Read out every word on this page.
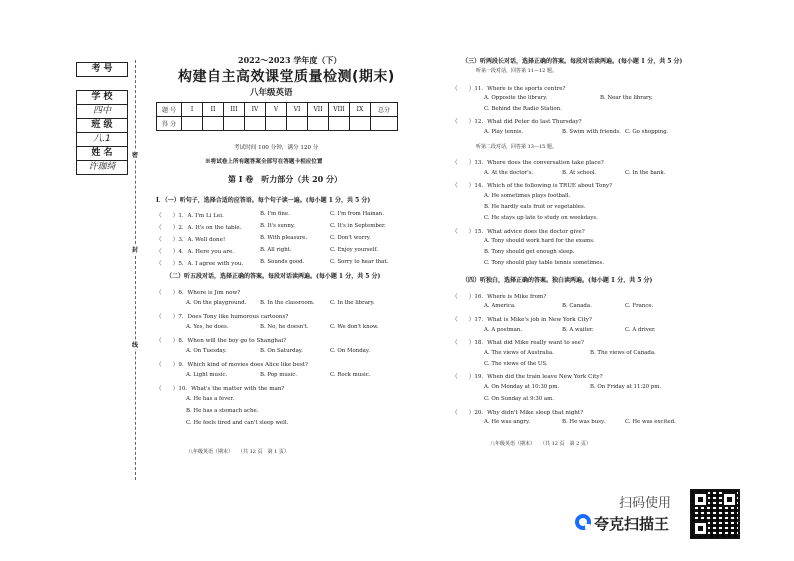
考 号
学 校
四中
班 级
八.1
姓 名
许珈绮
密
封
线
2022～2023 学年度（下）
构建自主高效课堂质量检测(期末)
八年级英语
题 号	I	II	III	IV	V	VI	VII	VIII	IX	总分
得 分										
考试时间 100 分钟，满分 120 分
※将试卷上所有题答案全部写在答题卡相应位置
第 I 卷　听力部分（共 20 分）
I．（一）听句子，选择合适的应答语。每个句子读一遍。(每小题 1 分，共 5 分)
（　　）1．A. I'm Li Lei.	B. I'm fine.	C. I'm from Hainan.
（　　）2．A. It's on the table.	B. It's sunny.	C. It's in September.
（　　）3．A. Well done!	B. With pleasure.	C. Don't worry.
（　　）4．A. Here you are.	B. All right.	C. Enjoy yourself.
（　　）5．A. I agree with you.	B. Sounds good.	C. Sorry to hear that.
（二）听五段对话，选择正确的答案。每段对话读两遍。(每小题 1 分，共 5 分)
（　　）6．Where is Jim now?
A. On the playground.	B. In the classroom.	C. In the library.
（　　）7．Does Tony like humorous cartoons?
A. Yes, he does.	B. No, he doesn't.	C. We don't know.
（　　）8．When will the boy go to Shanghai?
A. On Tuesday.	B. On Saturday.	C. On Monday.
（　　）9．Which kind of movies does Alice like best?
A. Light music.	B. Pop music.	C. Rock music.
（　　）10．What's the matter with the man?
A. He has a fever.
B. He has a stomach ache.
C. He feels tired and can't sleep well.
八年级英语（期末）　　（共 12 页　第 1 页）
（三）听两段长对话，选择正确的答案。每段对话读两遍。(每小题 1 分，共 5 分)
听第一段对话，回答第 11—12 题。
（　　）11．Where is the sports centre?
A. Opposite the library.	B. Near the library.
C. Behind the Radio Station.
（　　）12．What did Peter do last Thursday?
A. Play tennis.	B. Swim with friends. C. Go shopping.
听第二段对话，回答第 13—15 题。
（　　）13．Where does the conversation take place?
A. At the doctor's.	B. At school.	C. In the bank.
（　　）14．Which of the following is TRUE about Tony?
A. He sometimes plays football.
B. He hardly eats fruit or vegetables.
C. He stays up late to study on weekdays.
（　　）15．What advice does the doctor give?
A. Tony should work hard for the exams.
B. Tony should get enough sleep.
C. Tony should play table tennis sometimes.
（四）听独白，选择正确的答案。独白读两遍。(每小题 1 分，共 5 分)
（　　）16．Where is Mike from?
A. America.	B. Canada.	C. France.
（　　）17．What is Mike's job in New York City?
A. A postman.	B. A waiter.	C. A driver.
（　　）18．What did Mike really want to see?
A. The views of Australia.	B. The views of Canada.
C. The views of the US.
（　　）19．When did the train leave New York City?
A. On Monday at 10:30 pm.	B. On Friday at 11:20 pm.
C. On Sunday at 9:30 am.
（　　）20．Why didn't Mike sleep that night?
A. He was angry.	B. He was busy.	C. He was excited.
八年级英语（期末）　　（共 12 页　第 2 页）
扫码使用
夸克扫描王
